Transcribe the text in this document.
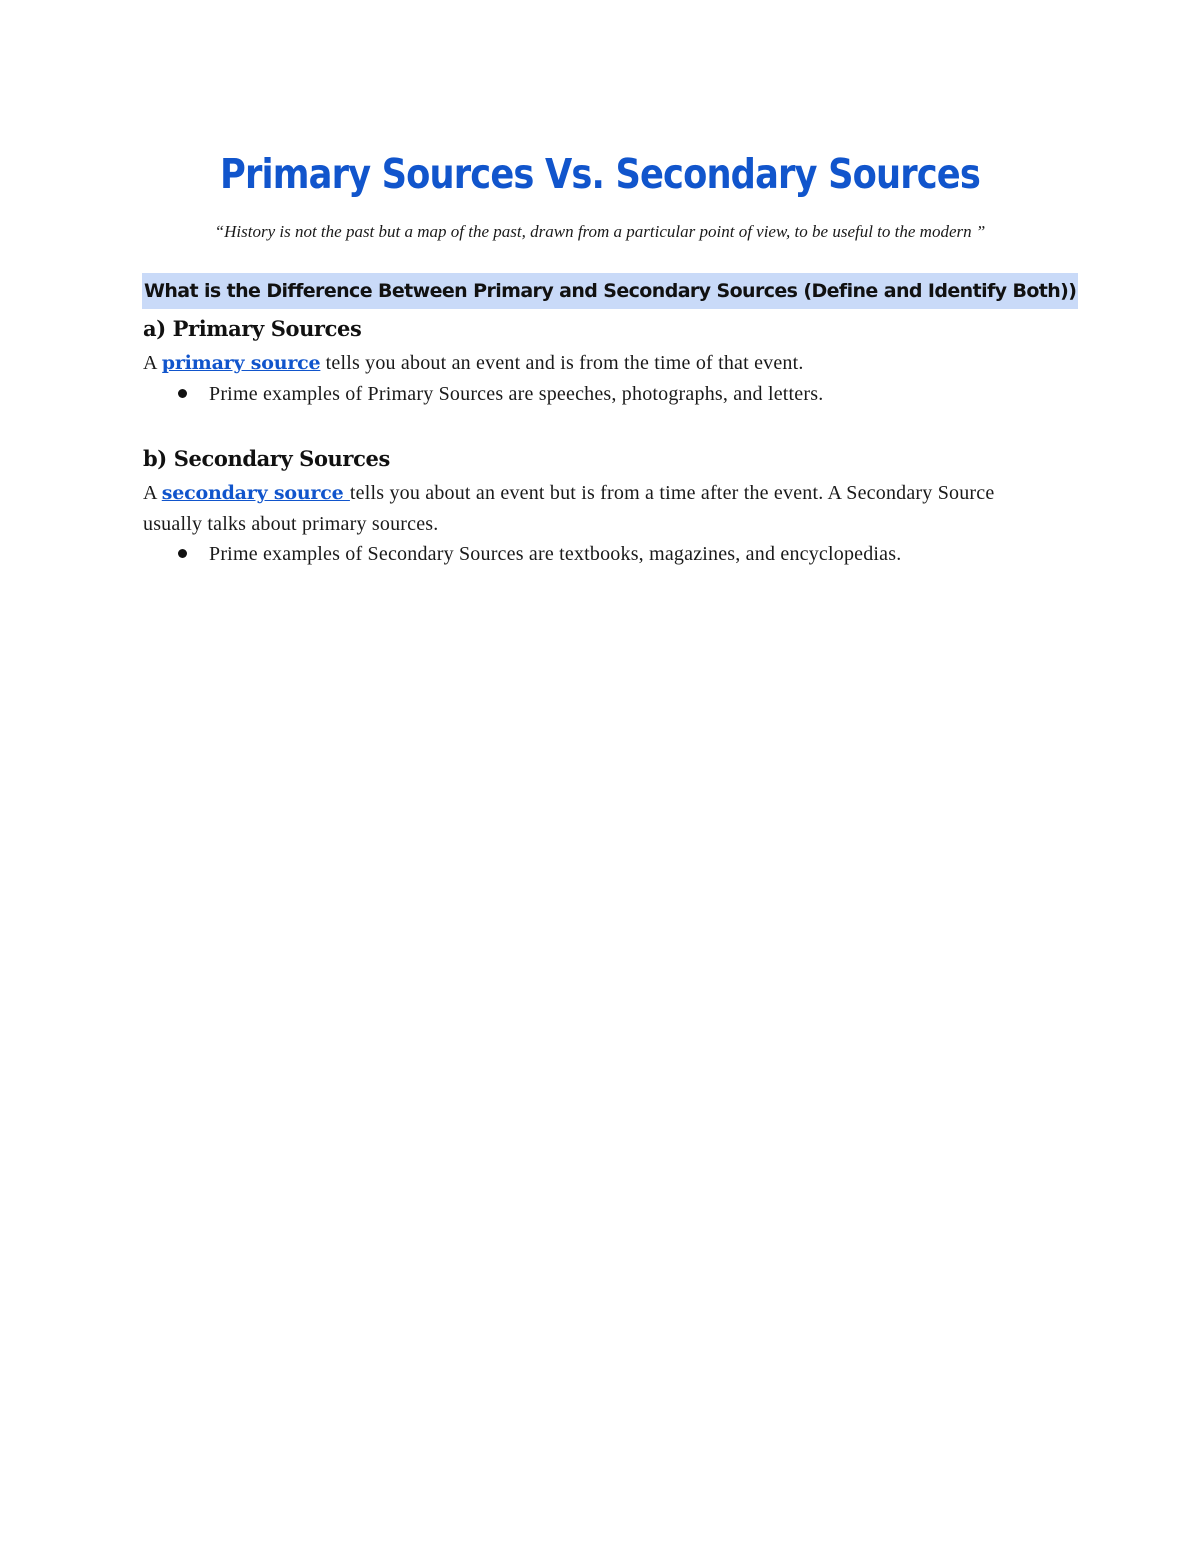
Primary Sources Vs. Secondary Sources
“History is not the past but a map of the past, drawn from a particular point of view, to be useful to the modern ”
What is the Difference Between Primary and Secondary Sources (Define and Identify Both))
a) Primary Sources
A primary source tells you about an event and is from the time of that event.
Prime examples of Primary Sources are speeches, photographs, and letters.
b) Secondary Sources
A secondary source tells you about an event but is from a time after the event. A Secondary Source usually talks about primary sources.
Prime examples of Secondary Sources are textbooks, magazines, and encyclopedias.
